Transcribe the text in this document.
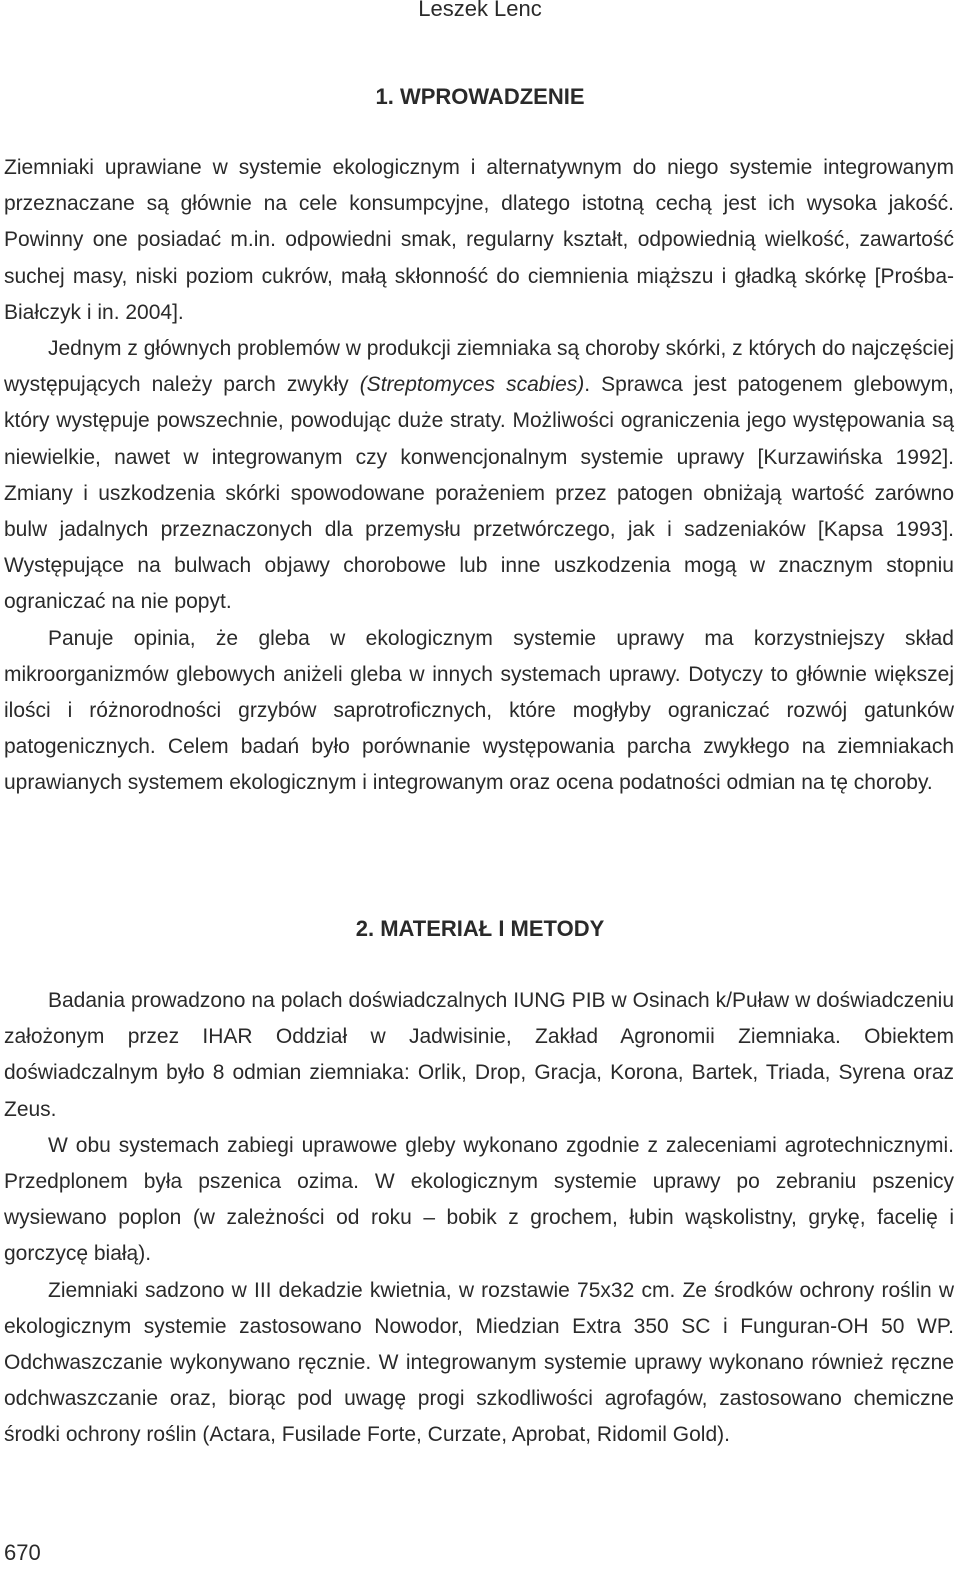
Leszek Lenc
1. WPROWADZENIE

Ziemniaki uprawiane w systemie ekologicznym i alternatywnym do niego systemie integrowanym przeznaczane są głównie na cele konsumpcyjne, dlatego istotną cechą jest ich wysoka jakość. Powinny one posiadać m.in. odpowiedni smak, regularny kształt, odpowiednią wielkość, zawartość suchej masy, niski poziom cukrów, małą skłonność do ciemnienia miąższu i gładką skórkę [Prośba-Białczyk i in. 2004].

Jednym z głównych problemów w produkcji ziemniaka są choroby skórki, z których do najczęściej występujących należy parch zwykły (Streptomyces scabies). Sprawca jest patogenem glebowym, który występuje powszechnie, powodując duże straty. Możliwości ograniczenia jego występowania są niewielkie, nawet w integrowanym czy konwencjonalnym systemie uprawy [Kurzawińska 1992]. Zmiany i uszkodzenia skórki spowodowane porażeniem przez patogen obniżają wartość zarówno bulw jadalnych przeznaczonych dla przemysłu przetwórczego, jak i sadzeniaków [Kapsa 1993]. Występujące na bulwach objawy chorobowe lub inne uszkodzenia mogą w znacznym stopniu ograniczać na nie popyt.

Panuje opinia, że gleba w ekologicznym systemie uprawy ma korzystniejszy skład mikroorganizmów glebowych aniżeli gleba w innych systemach uprawy. Dotyczy to głównie większej ilości i różnorodności grzybów saprotroficznych, które mogłyby ograniczać rozwój gatunków patogenicznych. Celem badań było porównanie występowania parcha zwykłego na ziemniakach uprawianych systemem ekologicznym i integrowanym oraz ocena podatności odmian na tę choroby.

2. MATERIAŁ I METODY

Badania prowadzono na polach doświadczalnych IUNG PIB w Osinach k/Puław w doświadczeniu założonym przez IHAR Oddział w Jadwisinie, Zakład Agronomii Ziemniaka. Obiektem doświadczalnym było 8 odmian ziemniaka: Orlik, Drop, Gracja, Korona, Bartek, Triada, Syrena oraz Zeus.

W obu systemach zabiegi uprawowe gleby wykonano zgodnie z zaleceniami agrotechnicznymi. Przedplonem była pszenica ozima. W ekologicznym systemie uprawy po zebraniu pszenicy wysiewano poplon (w zależności od roku – bobik z grochem, łubin wąskolistny, grykę, facelię i gorczycę białą).

Ziemniaki sadzono w III dekadzie kwietnia, w rozstawie 75x32 cm. Ze środków ochrony roślin w ekologicznym systemie zastosowano Nowodor, Miedzian Extra 350 SC i Funguran-OH 50 WP. Odchwaszczanie wykonywano ręcznie. W integrowanym systemie uprawy wykonano również ręczne odchwaszczanie oraz, biorąc pod uwagę progi szkodliwości agrofagów, zastosowano chemiczne środki ochrony roślin (Actara, Fusilade Forte, Curzate, Aprobat, Ridomil Gold).

670
